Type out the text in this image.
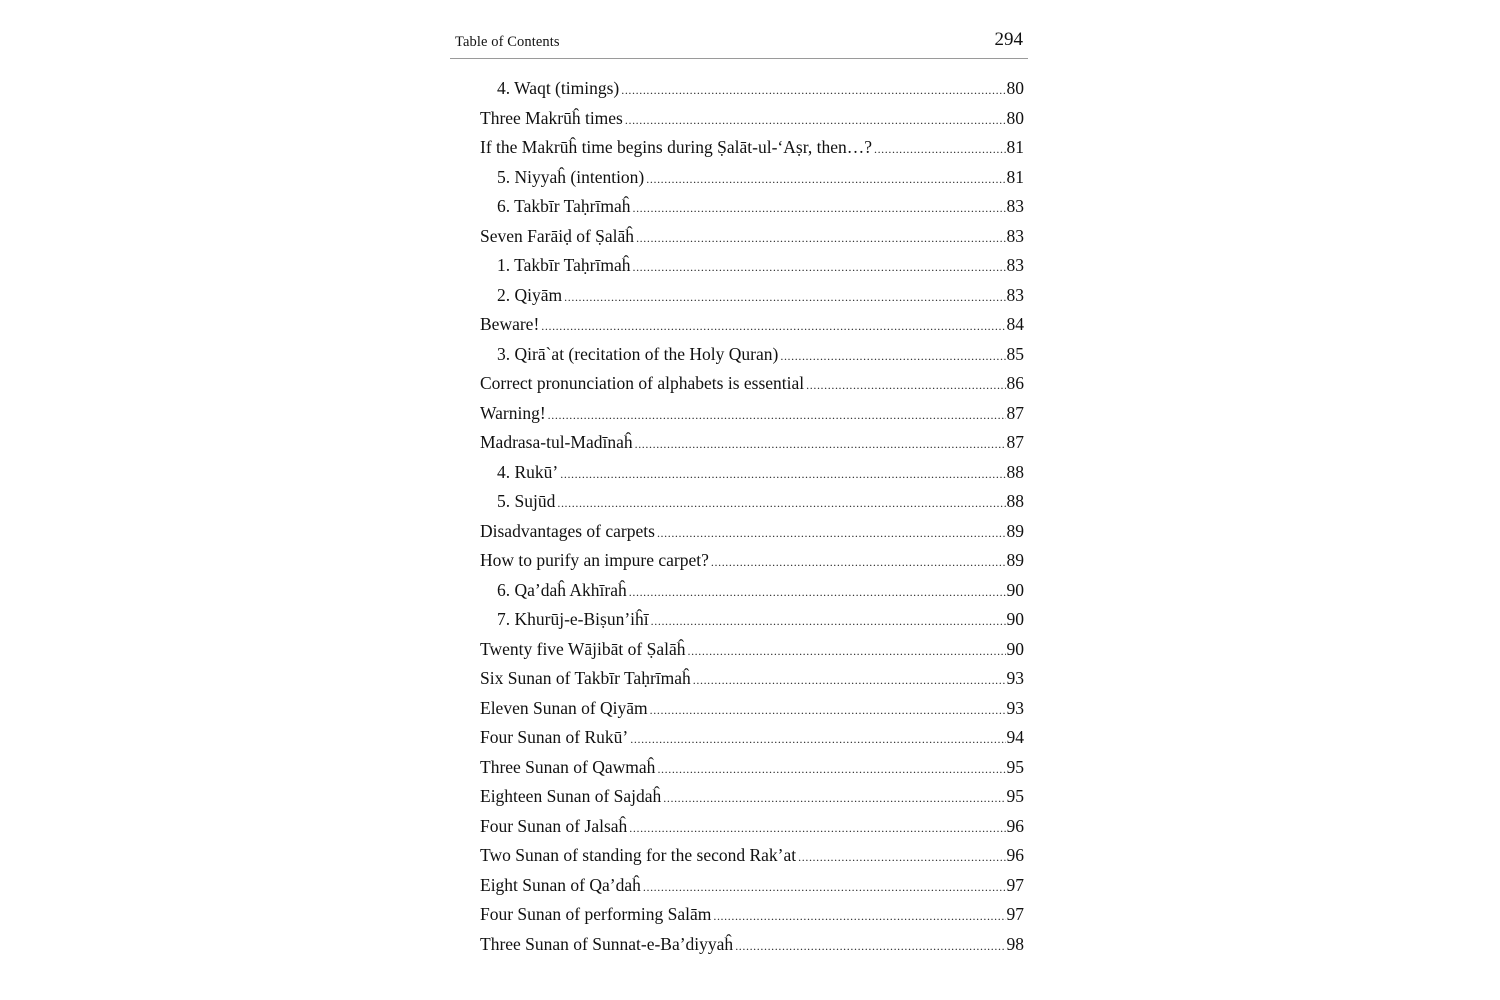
Table of Contents	294
4. Waqt (timings) .....	80
Three Makrūĥ times .....	80
If the Makrūĥ time begins during Ṣalāt-ul-‘Aṣr, then…? .....	81
5. Niyyaĥ (intention) .....	81
6. Takbīr Taḥrīmaĥ .....	83
Seven Farāiḍ of Ṣalāĥ .....	83
1. Takbīr Taḥrīmaĥ .....	83
2. Qiyām .....	83
Beware! .....	84
3. Qirā`at (recitation of the Holy Quran) .....	85
Correct pronunciation of alphabets is essential .....	86
Warning! .....	87
Madrasa-tul-Madīnaĥ .....	87
4. Rukū’ .....	88
5. Sujūd .....	88
Disadvantages of carpets .....	89
How to purify an impure carpet? .....	89
6. Qa’daĥ Akhīraĥ .....	90
7. Khurūj-e-Biṣun’iĥī .....	90
Twenty five Wājibāt of Ṣalāĥ .....	90
Six Sunan of Takbīr Taḥrīmaĥ .....	93
Eleven Sunan of Qiyām .....	93
Four Sunan of Rukū’ .....	94
Three Sunan of Qawmaĥ .....	95
Eighteen Sunan of Sajdaĥ .....	95
Four Sunan of Jalsaĥ .....	96
Two Sunan of standing for the second Rak’at .....	96
Eight Sunan of Qa’daĥ .....	97
Four Sunan of performing Salām .....	97
Three Sunan of Sunnat-e-Ba’diyyaĥ .....	98
